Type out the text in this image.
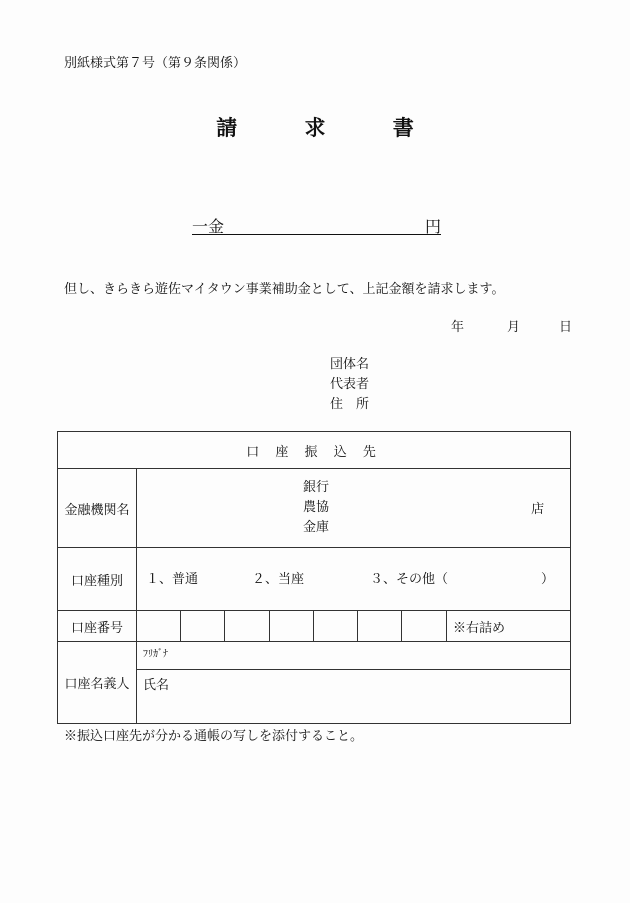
別紙様式第７号（第９条関係）
請 求 書
一金	円
但し、きらきら遊佐マイタウン事業補助金として、上記金額を請求します。
年	月	日
団体名
代表者
住所
口 座 振 込 先								
金融機関名	銀行
農協
金庫
店							

口座種別	１、普通 ２、当座 ３、その他（ ）							

口座番号								※右詰め
口座名義人	ﾌﾘｶﾞﾅ							
	氏名							
※振込口座先が分かる通帳の写しを添付すること。
